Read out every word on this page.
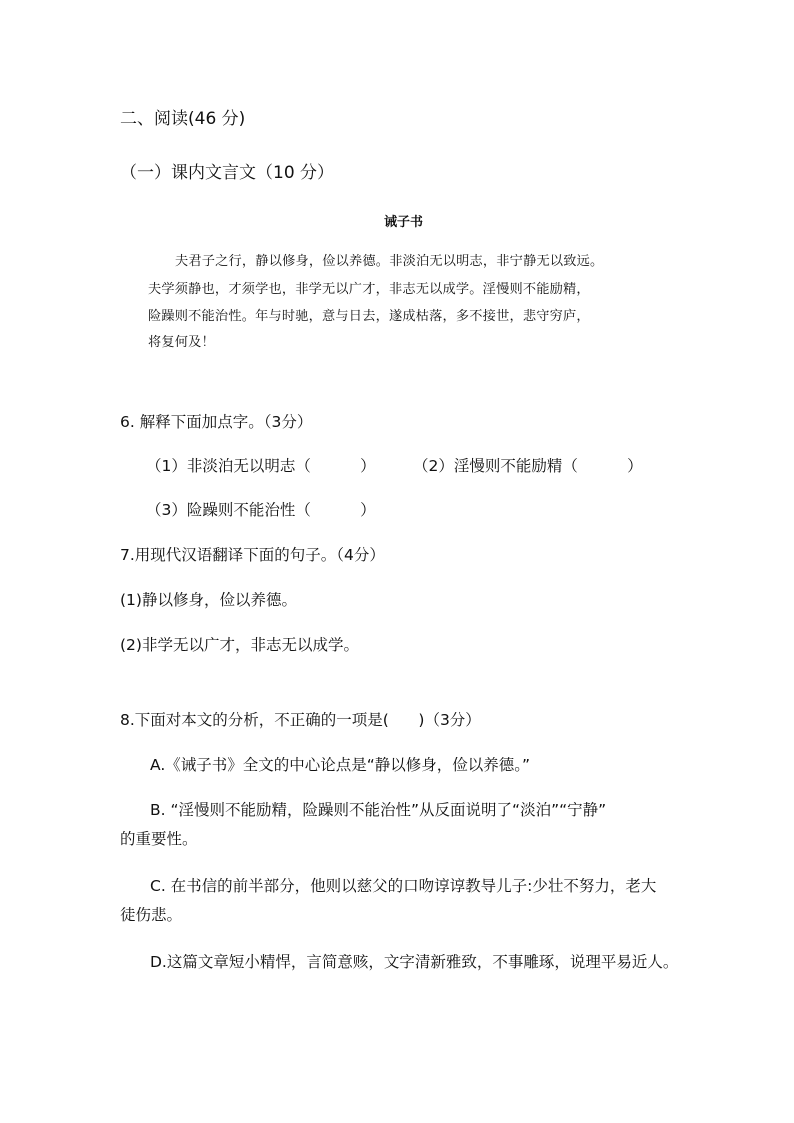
二、阅读(46 分)
（一）课内文言文（10 分）
诫子书
夫君子之行，静以修身，俭以养德。非淡泊无以明志，非宁静无以致远。
夫学须静也，才须学也，非学无以广才，非志无以成学。淫慢则不能励精，
险躁则不能治性。年与时驰，意与日去，遂成枯落，多不接世，悲守穷庐，
将复何及！
6. 解释下面加点字。（3分）
（1）非淡泊无以明志（          ） （2）淫慢则不能励精（          ）
（3）险躁则不能治性（          ）
7.用现代汉语翻译下面的句子。（4分）
(1)静以修身，俭以养德。
(2)非学无以广才，非志无以成学。
8.下面对本文的分析，不正确的一项是(      )（3分）
A.《诫子书》全文的中心论点是“静以修身，俭以养德。”
B. “淫慢则不能励精，险躁则不能治性”从反面说明了“淡泊”“宁静”
的重要性。
C. 在书信的前半部分，他则以慈父的口吻谆谆教导儿子:少壮不努力，老大
徒伤悲。
D.这篇文章短小精悍，言简意赅，文字清新雅致，不事雕琢，说理平易近人。
